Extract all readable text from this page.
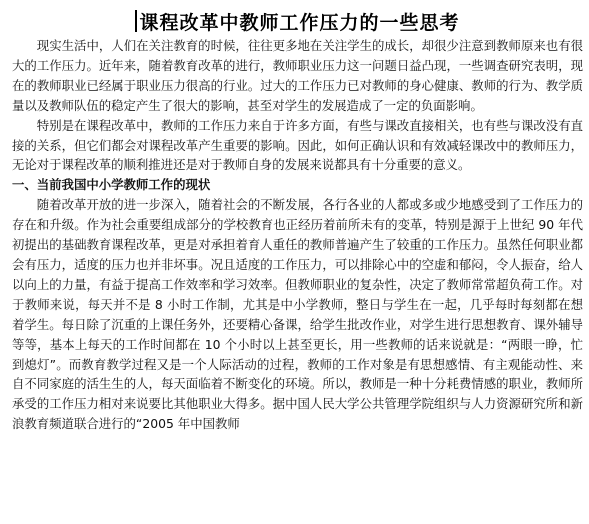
课程改革中教师工作压力的一些思考

现实生活中，人们在关注教育的时候，往往更多地在关注学生的成长，却很少注意到教师原来也有很大的工作压力。近年来，随着教育改革的进行，教师职业压力这一问题日益凸现，一些调查研究表明，现在的教师职业已经属于职业压力很高的行业。过大的工作压力已对教师的身心健康、教师的行为、教学质量以及教师队伍的稳定产生了很大的影响，甚至对学生的发展造成了一定的负面影响。

特别是在课程改革中，教师的工作压力来自于许多方面，有些与课改直接相关，也有些与课改没有直接的关系，但它们都会对课程改革产生重要的影响。因此，如何正确认识和有效减轻课改中的教师压力，无论对于课程改革的顺利推进还是对于教师自身的发展来说都具有十分重要的意义。

一、当前我国中小学教师工作的现状

随着改革开放的进一步深入，随着社会的不断发展，各行各业的人都或多或少地感受到了工作压力的存在和升级。作为社会重要组成部分的学校教育也正经历着前所未有的变革，特别是源于上世纪 90 年代初提出的基础教育课程改革，更是对承担着育人重任的教师普遍产生了较重的工作压力。虽然任何职业都会有压力，适度的压力也并非坏事。况且适度的工作压力，可以排除心中的空虚和郁闷，令人振奋，给人以向上的力量，有益于提高工作效率和学习效率。但教师职业的复杂性，决定了教师常常超负荷工作。对于教师来说，每天并不是 8 小时工作制，尤其是中小学教师，整日与学生在一起，几乎每时每刻都在想着学生。每日除了沉重的上课任务外，还要精心备课，给学生批改作业，对学生进行思想教育、课外辅导等等，基本上每天的工作时间都在 10 个小时以上甚至更长，用一些教师的话来说就是：“两眼一睁，忙到熄灯”。而教育教学过程又是一个人际活动的过程，教师的工作对象是有思想感情、有主观能动性、来自不同家庭的活生生的人，每天面临着不断变化的环境。所以，教师是一种十分耗费情感的职业，教师所承受的工作压力相对来说要比其他职业大得多。据中国人民大学公共管理学院组织与人力资源研究所和新浪教育频道联合进行的“2005 年中国教师
